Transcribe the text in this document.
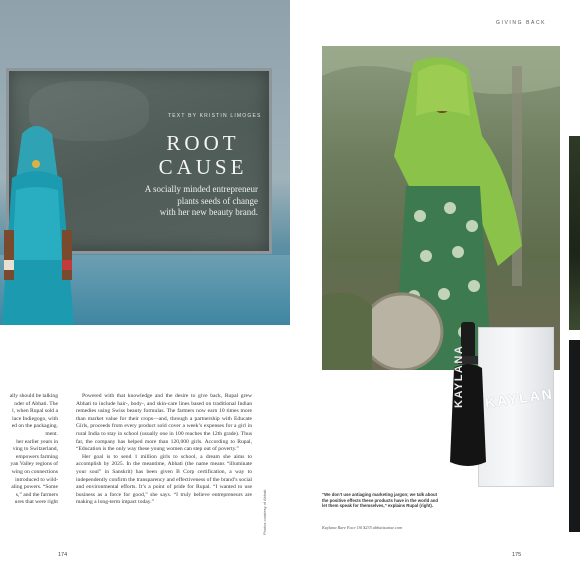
GIVING BACK
TEXT BY KRISTIN LIMOGES
ROOT
CAUSE
A socially minded entrepreneur
plants seeds of change
with her new beauty brand.
KAYLAN
KAYLANA
“We don’t use antiaging marketing jargon; we talk about the positive effects these products have in the world and let them speak for themselves,” explains Rupal (right).
Kaylana Rare Face Oil $235 abhatisuisse.com
ally should be talking
nder of Abhati. The
l, when Rupal sold a
lace Indiegogo, with
ed on the packaging.
ment.
her earlier years in
ving to Switzerland,
empowers farming
yan Valley regions of
wing on connections
introduced to wild-
aling powers. “Some
s,” and the farmers
ures that were right

Powered with that knowledge and the desire to give back, Rupal grew Abhati to include hair-, body-, and skin-care lines based on traditional Indian remedies using Swiss beauty formulas. The farmers now earn 10 times more than market value for their crops—and, through a partnership with Educate Girls, proceeds from every product sold cover a week’s expenses for a girl in rural India to stay in school (usually one in 100 reaches the 12th grade). Thus far, the company has helped more than 120,000 girls. According to Rupal, “Education is the only way these young women can step out of poverty.”

Her goal is to send 1 million girls to school, a dream she aims to accomplish by 2025. In the meantime, Abhati (the name means “illuminate your soul” in Sanskrit) has been given B Corp certification, a way to independently confirm the transparency and effectiveness of the brand’s social and environmental efforts. It’s a point of pride for Rupal. “I wanted to use business as a force for good,” she says. “I truly believe entrepreneurs are making a long-term impact today.”	Photos courtesy of Abhati
174	175
